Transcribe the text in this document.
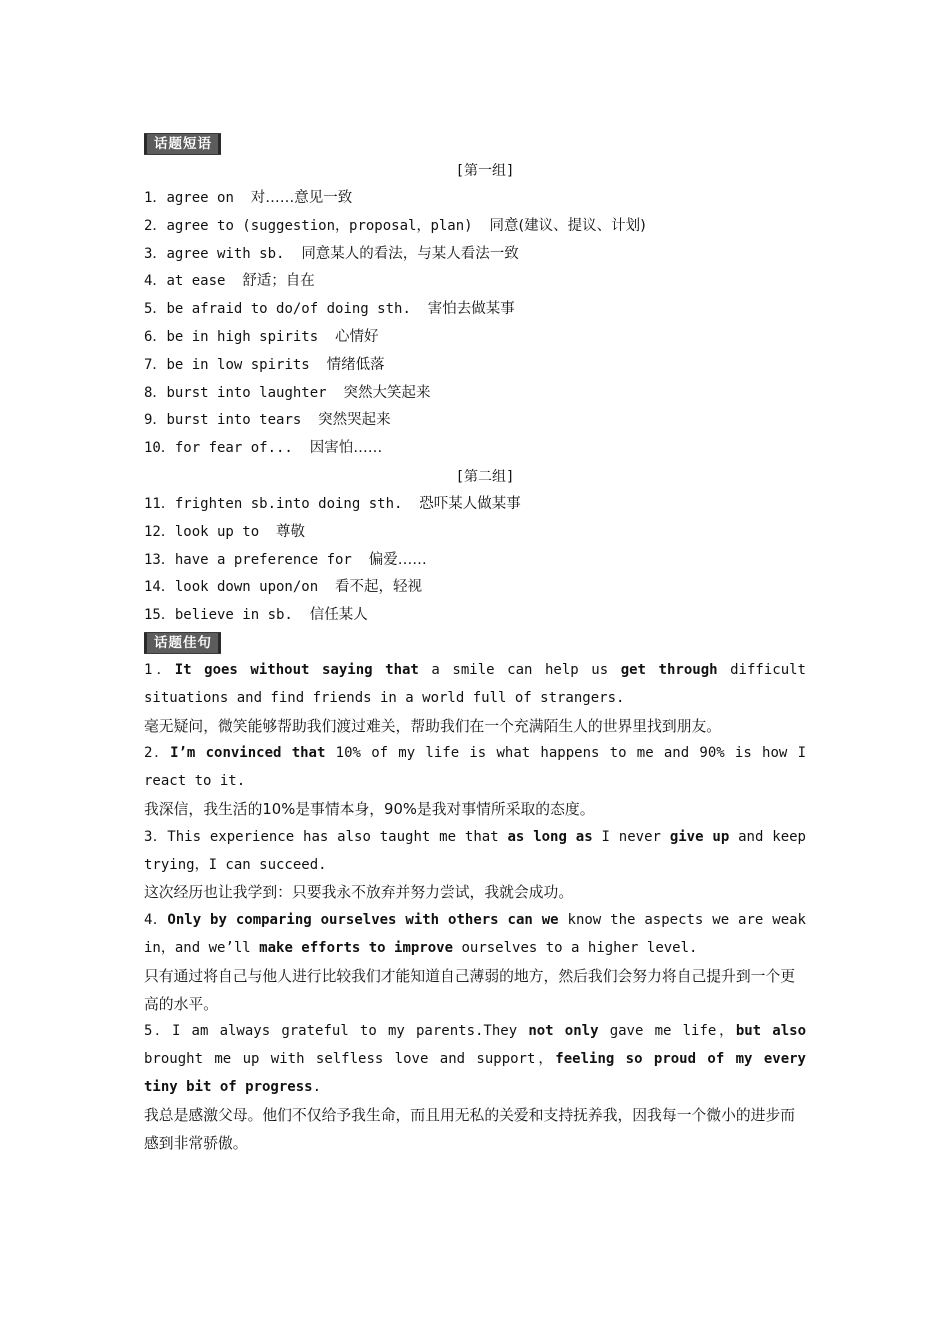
话题短语
[第一组]
1．agree on 对……意见一致
2．agree to (suggestion，proposal，plan) 同意(建议、提议、计划)
3．agree with sb. 同意某人的看法，与某人看法一致
4．at ease 舒适；自在
5．be afraid to do/of doing sth. 害怕去做某事
6．be in high spirits 心情好
7．be in low spirits 情绪低落
8．burst into laughter 突然大笑起来
9．burst into tears 突然哭起来
10．for fear of... 因害怕……
[第二组]
11．frighten sb.into doing sth. 恐吓某人做某事
12．look up to 尊敬
13．have a preference for 偏爱……
14．look down upon/on 看不起，轻视
15．believe in sb. 信任某人
话题佳句
1．It goes without saying that a smile can help us get through difficult situations and find friends in a world full of strangers.
毫无疑问，微笑能够帮助我们渡过难关，帮助我们在一个充满陌生人的世界里找到朋友。
2．I’m convinced that 10% of my life is what happens to me and 90% is how I react to it.
我深信，我生活的10%是事情本身，90%是我对事情所采取的态度。
3．This experience has also taught me that as long as I never give up and keep trying，I can succeed.
这次经历也让我学到：只要我永不放弃并努力尝试，我就会成功。
4．Only by comparing ourselves with others can we know the aspects we are weak in，and we’ll make efforts to improve ourselves to a higher level.
只有通过将自己与他人进行比较我们才能知道自己薄弱的地方，然后我们会努力将自己提升到一个更高的水平。
5．I am always grateful to my parents.They not only gave me life，but also brought me up with selfless love and support，feeling so proud of my every tiny bit of progress.
我总是感激父母。他们不仅给予我生命，而且用无私的关爱和支持抚养我，因我每一个微小的进步而感到非常骄傲。
